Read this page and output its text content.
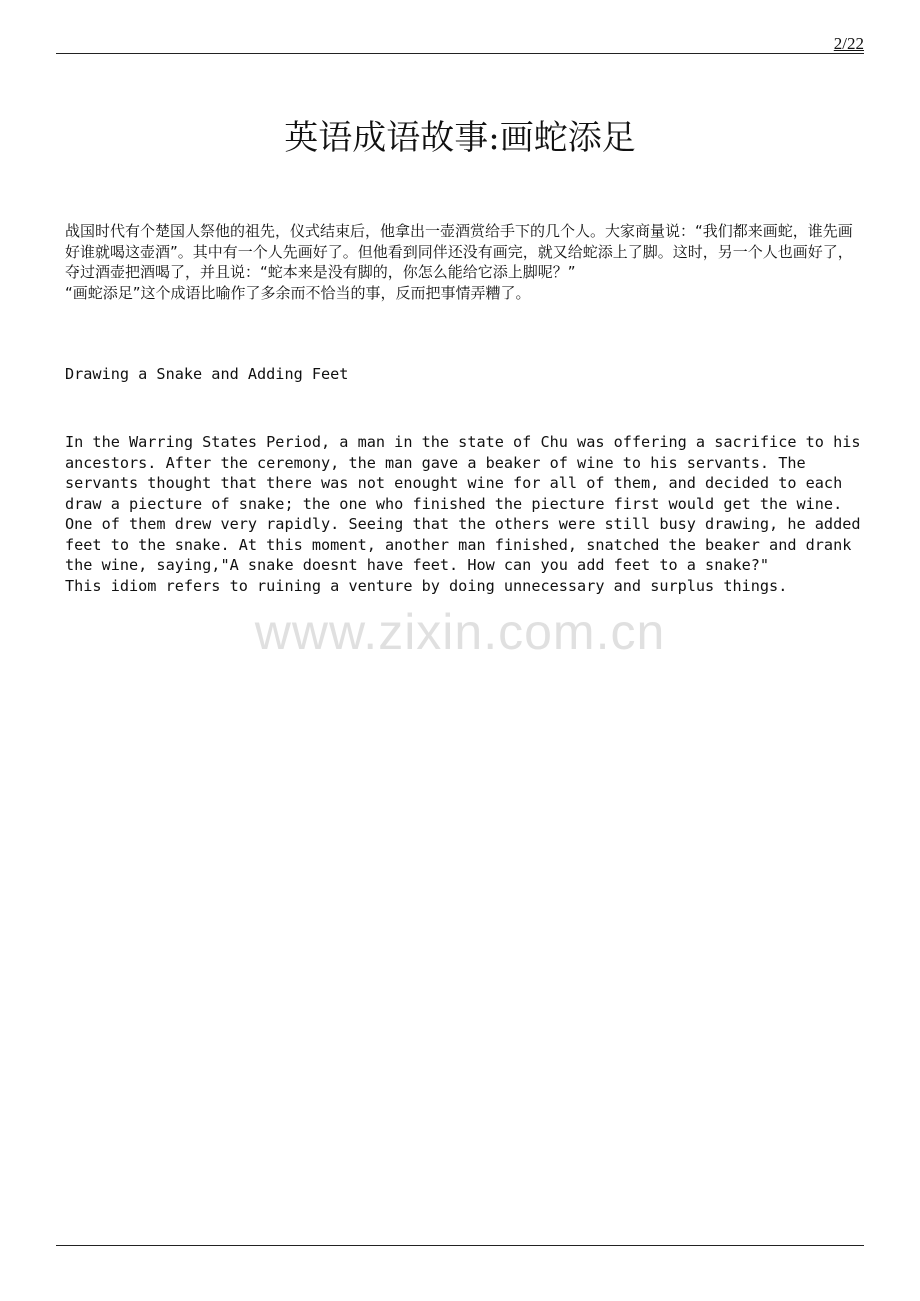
2/22
英语成语故事:画蛇添足

战国时代有个楚国人祭他的祖先，仪式结束后，他拿出一壶酒赏给手下的几个人。大家商量说：“我们都来画蛇，谁先画好谁就喝这壶酒”。其中有一个人先画好了。但他看到同伴还没有画完，就又给蛇添上了脚。这时，另一个人也画好了，夺过酒壶把酒喝了，并且说：“蛇本来是没有脚的，你怎么能给它添上脚呢？”

“画蛇添足”这个成语比喻作了多余而不恰当的事，反而把事情弄糟了。

Drawing a Snake and Adding Feet

In the Warring States Period, a man in the state of Chu was offering a sacrifice to his ancestors. After the ceremony, the man gave a beaker of wine to his servants. The servants thought that there was not enought wine for all of them, and decided to each draw a piecture of snake; the one who finished the piecture first would get the wine. One of them drew very rapidly. Seeing that the others were still busy drawing, he added feet to the snake. At this moment, another man finished, snatched the beaker and drank the wine, saying,"A snake doesnt have feet. How can you add feet to a snake?"

This idiom refers to ruining a venture by doing unnecessary and surplus things.

www.zixin.com.cn
